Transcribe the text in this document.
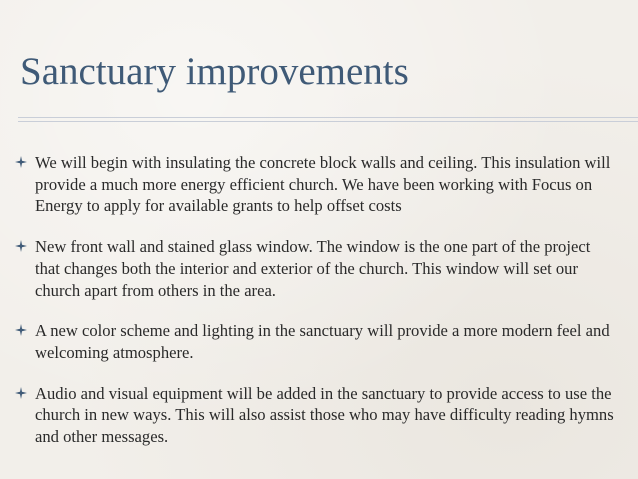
Sanctuary improvements
We will begin with insulating the concrete block walls and ceiling. This insulation will provide a much more energy efficient church. We have been working with Focus on Energy to apply for available grants to help offset costs
New front wall and stained glass window. The window is the one part of the project that changes both the interior and exterior of the church. This window will set our church apart from others in the area.
A new color scheme and lighting in the sanctuary will provide a more modern feel and welcoming atmosphere.
Audio and visual equipment will be added in the sanctuary to provide access to use the church in new ways. This will also assist those who may have difficulty reading hymns and other messages.
